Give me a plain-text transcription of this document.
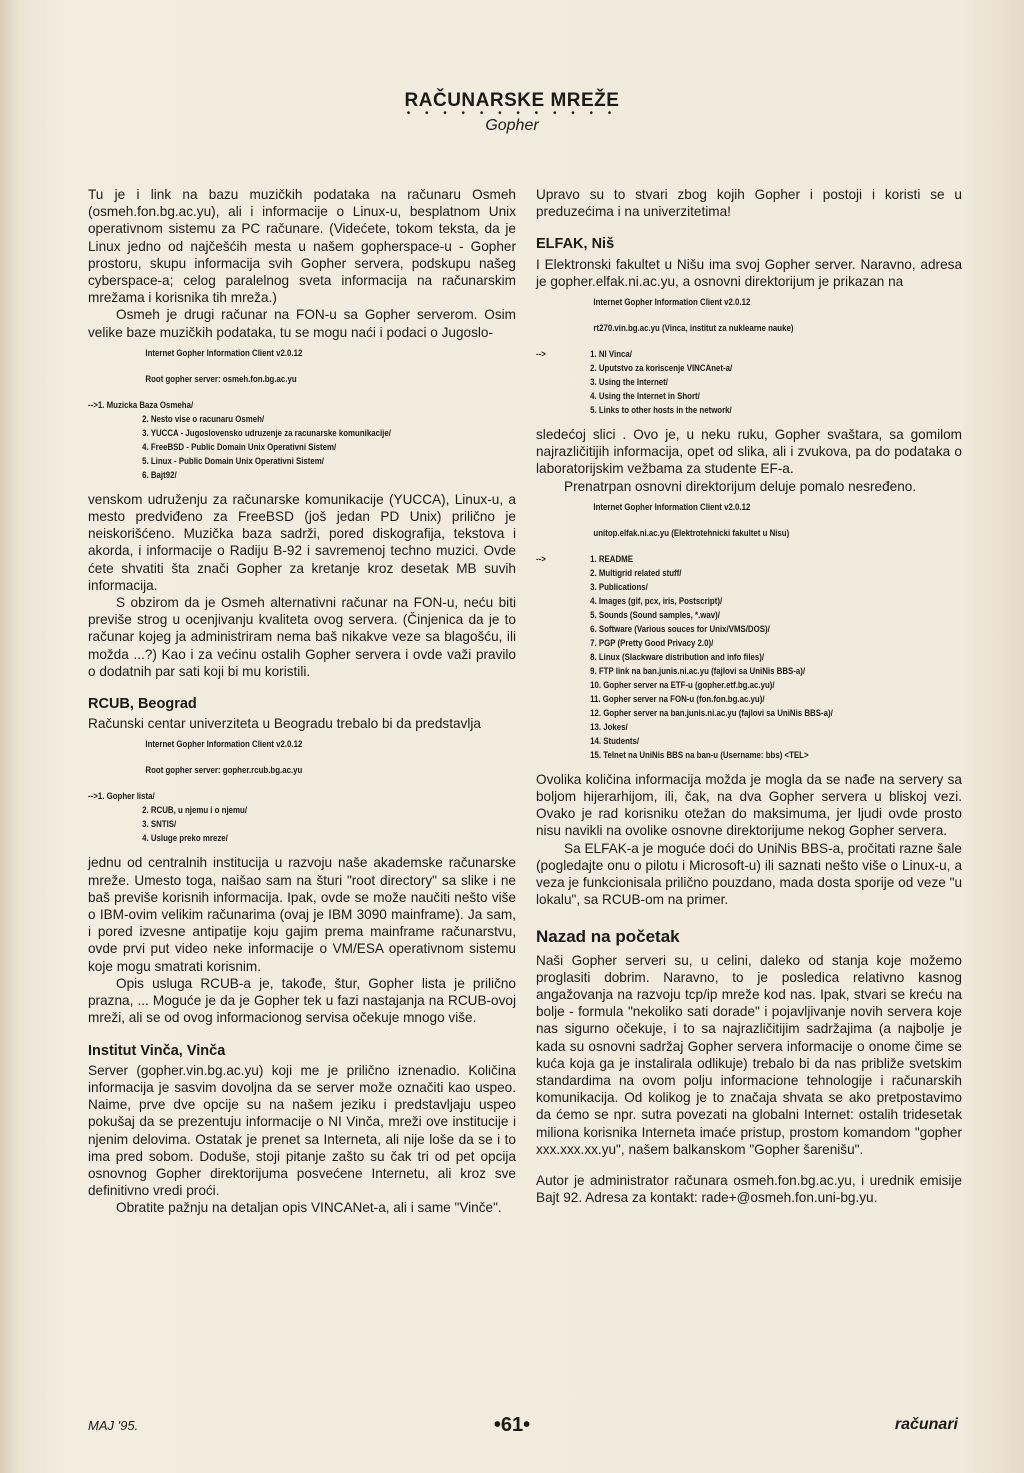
RAČUNARSKE MREŽE
• • • • • • • • • • • •
Gopher

Tu je i link na bazu muzičkih podataka na računaru Osmeh (osmeh.fon.bg.ac.yu), ali i informacije o Linux-u, besplatnom Unix operativnom sistemu za PC računare. (Videćete, tokom teksta, da je Linux jedno od najčešćih mesta u našem gopherspace-u - Gopher prostoru, skupu informacija svih Gopher servera, podskupu našeg cyberspace-a; celog paralelnog sveta informacija na računarskim mrežama i korisnika tih mreža.)

Osmeh je drugi računar na FON-u sa Gopher serverom. Osim velike baze muzičkih podataka, tu se mogu naći i podaci o Jugoslo-

Internet Gopher Information Client v2.0.12
Root gopher server: osmeh.fon.bg.ac.yu
--> 1. Muzicka Baza Osmeha/
2. Nesto vise o racunaru Osmeh/
3. YUCCA - Jugoslovensko udruzenje za racunarske komunikacije/
4. FreeBSD - Public Domain Unix Operativni Sistem/
5. Linux - Public Domain Unix Operativni Sistem/
6. Bajt92/

venskom udruženju za računarske komunikacije (YUCCA), Linux-u, a mesto predviđeno za FreeBSD (još jedan PD Unix) prilično je neiskorišćeno. Muzička baza sadrži, pored diskografija, tekstova i akorda, i informacije o Radiju B-92 i savremenoj techno muzici. Ovde ćete shvatiti šta znači Gopher za kretanje kroz desetak MB suvih informacija.

S obzirom da je Osmeh alternativni računar na FON-u, neću biti previše strog u ocenjivanju kvaliteta ovog servera. (Činjenica da je to računar kojeg ja administriram nema baš nikakve veze sa blagošću, ili možda ...?) Kao i za većinu ostalih Gopher servera i ovde važi pravilo o dodatnih par sati koji bi mu koristili.

RCUB, Beograd

Računski centar univerziteta u Beogradu trebalo bi da predstavlja

Internet Gopher Information Client v2.0.12
Root gopher server: gopher.rcub.bg.ac.yu
--> 1. Gopher lista/
2. RCUB, u njemu i o njemu/
3. SNTIS/
4. Usluge preko mreze/

jednu od centralnih institucija u razvoju naše akademske računarske mreže. Umesto toga, naišao sam na šturi "root directory" sa slike i ne baš previše korisnih informacija. Ipak, ovde se može naučiti nešto više o IBM-ovim velikim računarima (ovaj je IBM 3090 mainframe). Ja sam, i pored izvesne antipatije koju gajim prema mainframe računarstvu, ovde prvi put video neke informacije o VM/ESA operativnom sistemu koje mogu smatrati korisnim.

Opis usluga RCUB-a je, takođe, štur, Gopher lista je prilično prazna, ... Moguće je da je Gopher tek u fazi nastajanja na RCUB-ovoj mreži, ali se od ovog informacionog servisa očekuje mnogo više.

Institut Vinča, Vinča

Server (gopher.vin.bg.ac.yu) koji me je prilično iznenadio. Količina informacija je sasvim dovoljna da se server može označiti kao uspeo. Naime, prve dve opcije su na našem jeziku i predstavljaju uspeo pokušaj da se prezentuju informacije o NI Vinča, mreži ove institucije i njenim delovima. Ostatak je prenet sa Interneta, ali nije loše da se i to ima pred sobom. Doduše, stoji pitanje zašto su čak tri od pet opcija osnovnog Gopher direktorijuma posvećene Internetu, ali kroz sve definitivno vredi proći.

Obratite pažnju na detaljan opis VINCANet-a, ali i same "Vinče".

Upravo su to stvari zbog kojih Gopher i postoji i koristi se u preduzećima i na univerzitetima!

ELFAK, Niš

I Elektronski fakultet u Nišu ima svoj Gopher server. Naravno, adresa je gopher.elfak.ni.ac.yu, a osnovni direktorijum je prikazan na

Internet Gopher Information Client v2.0.12
rt270.vin.bg.ac.yu (Vinca, institut za nuklearne nauke)
-->	1. NI Vinca/
2. Uputstvo za koriscenje VINCAnet-a/
3. Using the Internet/
4. Using the Internet in Short/
5. Links to other hosts in the network/

sledećoj slici . Ovo je, u neku ruku, Gopher svaštara, sa gomilom najrazličitijih informacija, opet od slika, ali i zvukova, pa do podataka o laboratorijskim vežbama za studente EF-a.

Prenatrpan osnovni direktorijum deluje pomalo nesređeno.

Internet Gopher Information Client v2.0.12
unitop.elfak.ni.ac.yu (Elektrotehnicki fakultet u Nisu)
-->	1. README
2. Multigrid related stuff/
3. Publications/
4. Images (gif, pcx, iris, Postscript)/
5. Sounds (Sound samples, *.wav)/
6. Software (Various souces for Unix/VMS/DOS)/
7. PGP (Pretty Good Privacy 2.0)/
8. Linux (Slackware distribution and info files)/
9. FTP link na ban.junis.ni.ac.yu (fajlovi sa UniNis BBS-a)/
10. Gopher server na ETF-u (gopher.etf.bg.ac.yu)/
11. Gopher server na FON-u (fon.fon.bg.ac.yu)/
12. Gopher server na ban.junis.ni.ac.yu (fajlovi sa UniNis BBS-a)/
13. Jokes/
14. Students/
15. Telnet na UniNis BBS na ban-u (Username: bbs) <TEL>

Ovolika količina informacija možda je mogla da se nađe na servery sa boljom hijerarhijom, ili, čak, na dva Gopher servera u bliskoj vezi. Ovako je rad korisniku otežan do maksimuma, jer ljudi ovde prosto nisu navikli na ovolike osnovne direktorijume nekog Gopher servera.

Sa ELFAK-a je moguće doći do UniNis BBS-a, pročitati razne šale (pogledajte onu o pilotu i Microsoft-u) ili saznati nešto više o Linux-u, a veza je funkcionisala prilično pouzdano, mada dosta sporije od veze "u lokalu", sa RCUB-om na primer.

Nazad na početak

Naši Gopher serveri su, u celini, daleko od stanja koje možemo proglasiti dobrim. Naravno, to je posledica relativno kasnog angažovanja na razvoju tcp/ip mreže kod nas. Ipak, stvari se kreću na bolje - formula "nekoliko sati dorade" i pojavljivanje novih servera koje nas sigurno očekuje, i to sa najrazličitijim sadržajima (a najbolje je kada su osnovni sadržaj Gopher servera informacije o onome čime se kuća koja ga je instalirala odlikuje) trebalo bi da nas približe svetskim standardima na ovom polju informacione tehnologije i računarskih komunikacija. Od kolikog je to značaja shvata se ako pretpostavimo da ćemo se npr. sutra povezati na globalni Internet: ostalih tridesetak miliona korisnika Interneta imaće pristup, prostom komandom "gopher xxx.xxx.xx.yu", našem balkanskom "Gopher šarenišu".

Autor je administrator računara osmeh.fon.bg.ac.yu, i urednik emisije Bajt 92. Adresa za kontakt: rade+@osmeh.fon.uni-bg.yu.

MAJ '95.	•61•	računari
